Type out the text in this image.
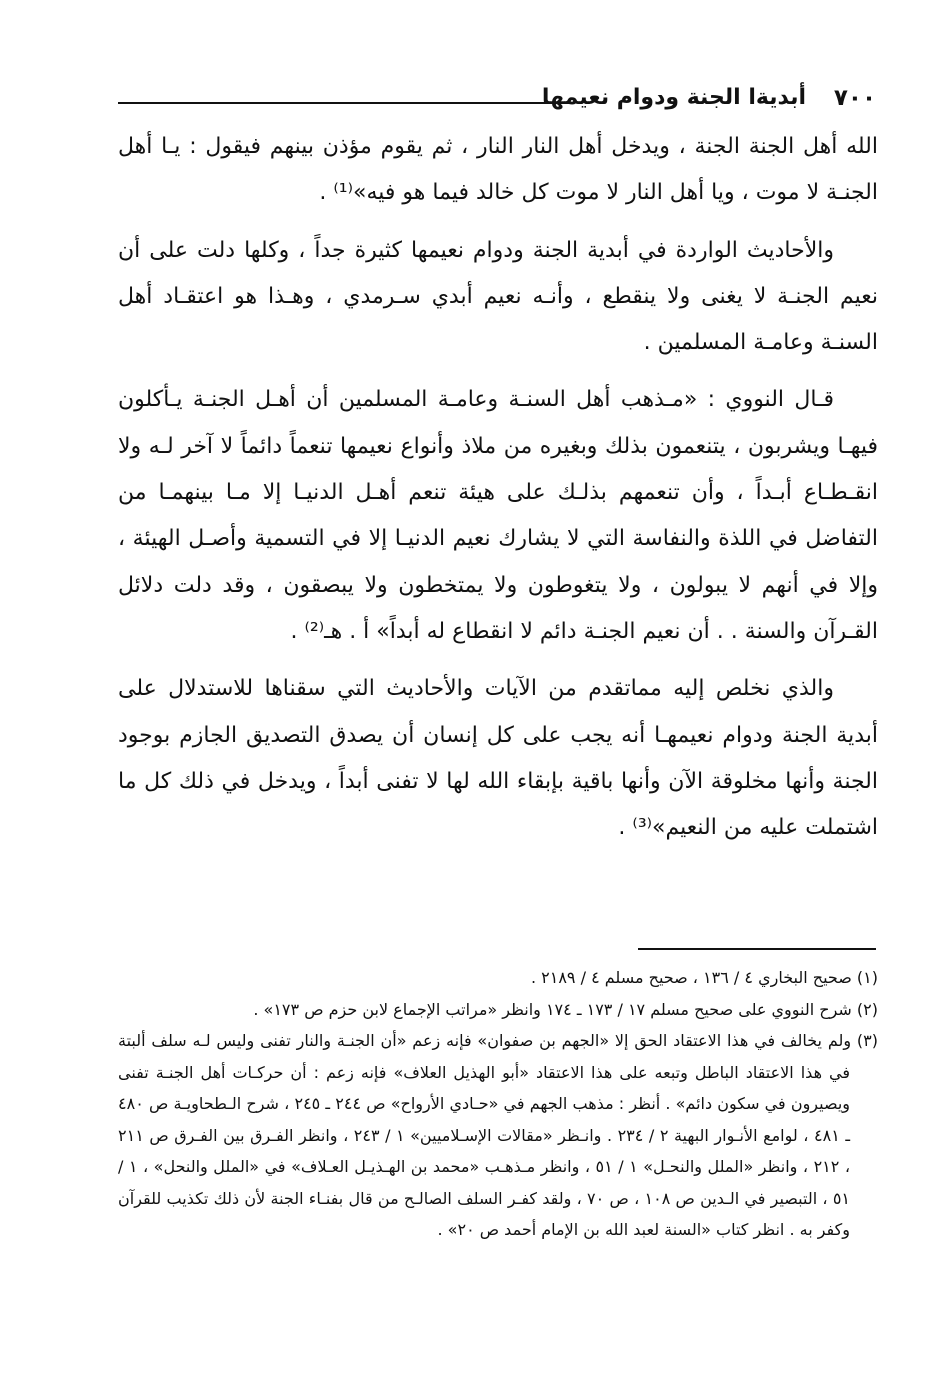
٧٠٠
أبديةا الجنة ودوام نعيمها

الله أهل الجنة الجنة ، ويدخل أهل النار النار ، ثم يقوم مؤذن بينهم فيقول : يـا أهل الجنـة لا موت ، ويا أهل النار لا موت كل خالد فيما هو فيه»⁽¹⁾ .

والأحاديث الواردة في أبدية الجنة ودوام نعيمها كثيرة جداً ، وكلها دلت على أن نعيم الجنـة لا يغنى ولا ينقطع ، وأنـه نعيم أبدي سـرمدي ، وهـذا هو اعتقـاد أهل السنـة وعامـة المسلمين .

قـال النووي : «مـذهب أهل السنـة وعامـة المسلمين أن أهـل الجنـة يـأكلون فيهـا ويشربون ، يتنعمون بذلك وبغيره من ملاذ وأنواع نعيمها تنعماً دائماً لا آخر لـه ولا انقـطـاع أبـداً ، وأن تنعمهم بذلـك على هيئة تنعم أهـل الدنيـا إلا مـا بينهمـا من التفاضل في اللذة والنفاسة التي لا يشارك نعيم الدنيـا إلا في التسمية وأصـل الهيئة ، وإلا في أنهم لا يبولون ، ولا يتغوطون ولا يمتخطون ولا يبصقون ، وقد دلت دلائل القـرآن والسنة . . أن نعيم الجنـة دائم لا انقطاع له أبداً» أ . هـ⁽²⁾ .

والذي نخلص إليه مماتقدم من الآيات والأحاديث التي سقناها للاستدلال على أبدية الجنة ودوام نعيمهـا أنه يجب على كل إنسان أن يصدق التصديق الجازم بوجود الجنة وأنها مخلوقة الآن وأنها باقية بإبقاء الله لها لا تفنى أبداً ، ويدخل في ذلك كل ما اشتملت عليه من النعيم»⁽³⁾ .

(١) صحيح البخاري ٤ / ١٣٦ ، صحيح مسلم ٤ / ٢١٨٩ .

(٢) شرح النووي على صحيح مسلم ١٧ / ١٧٣ ـ ١٧٤ وانظر «مراتب الإجماع لابن حزم ص ١٧٣» .

(٣) ولم يخالف في هذا الاعتقاد الحق إلا «الجهم بن صفوان» فإنه زعم «أن الجنـة والنار تفنى وليس لـه سلف ألبتة في هذا الاعتقاد الباطل وتبعه على هذا الاعتقاد «أبو الهذيل العلاف» فإنه زعم : أن حركـات أهل الجنـة تفنى ويصيرون في سكون دائم» . أنظر : مذهب الجهم في «حـادي الأرواح» ص ٢٤٤ ـ ٢٤٥ ، شرح الـطحاويـة ص ٤٨٠ ـ ٤٨١ ، لوامع الأنـوار البهية ٢ / ٢٣٤ . وانـظر «مقالات الإسـلاميين» ١ / ٢٤٣ ، وانظر الفـرق بين الفـرق ص ٢١١ ، ٢١٢ ، وانظر «الملل والنحـل» ١ / ٥١ ، وانظر مـذهـب «محمد بن الهـذيـل العـلاف» في «الملل والنحل» ، ١ / ٥١ ، التبصير في الـدين ص ١٠٨ ، ص ٧٠ ، ولقد كفـر السلف الصالـح من قال بفنـاء الجنة لأن ذلك تكذيب للقرآن وكفر به . انظر كتاب «السنة لعبد الله بن الإمام أحمد ص ٢٠» .
